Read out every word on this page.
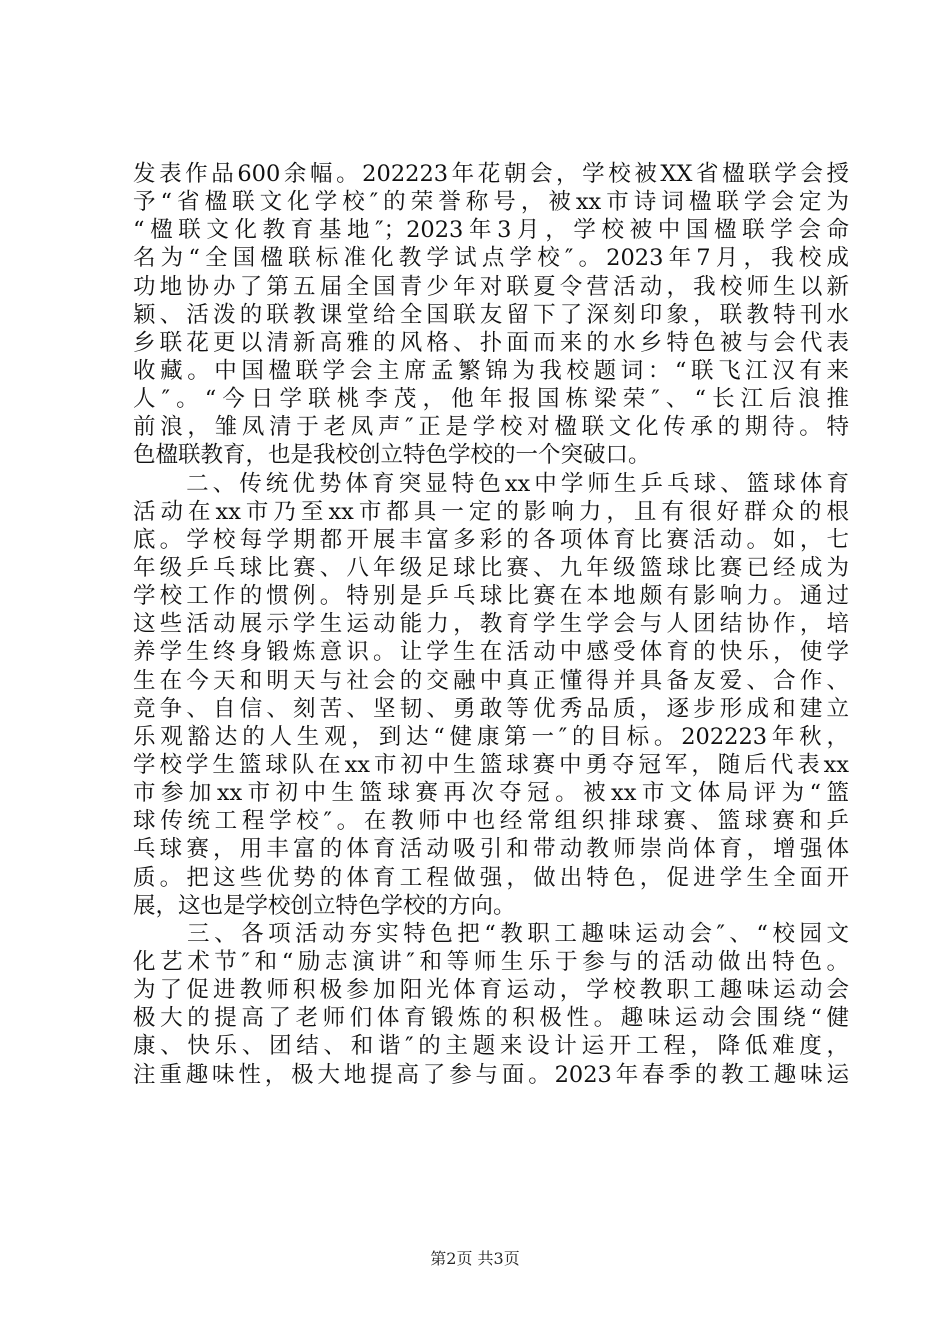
发表作品600余幅。202223年花朝会，学校被XX省楹联学会授
予“省楹联文化学校″的荣誉称号，被xx市诗词楹联学会定为
“楹联文化教育基地″；2023年3月，学校被中国楹联学会命
名为“全国楹联标准化教学试点学校″。2023年7月，我校成
功地协办了第五届全国青少年对联夏令营活动，我校师生以新
颖、活泼的联教课堂给全国联友留下了深刻印象，联教特刊水
乡联花更以清新高雅的风格、扑面而来的水乡特色被与会代表
收藏。中国楹联学会主席孟繁锦为我校题词：“联飞江汉有来
人″。“今日学联桃李茂，他年报国栋梁荣″、“长江后浪推
前浪，雏凤清于老凤声″正是学校对楹联文化传承的期待。特
色楹联教育，也是我校创立特色学校的一个突破口。
　　二、传统优势体育突显特色xx中学师生乒乓球、篮球体育
活动在xx市乃至xx市都具一定的影响力，且有很好群众的根
底。学校每学期都开展丰富多彩的各项体育比赛活动。如，七
年级乒乓球比赛、八年级足球比赛、九年级篮球比赛已经成为
学校工作的惯例。特别是乒乓球比赛在本地颇有影响力。通过
这些活动展示学生运动能力，教育学生学会与人团结协作，培
养学生终身锻炼意识。让学生在活动中感受体育的快乐，使学
生在今天和明天与社会的交融中真正懂得并具备友爱、合作、
竞争、自信、刻苦、坚韧、勇敢等优秀品质，逐步形成和建立
乐观豁达的人生观，到达“健康第一″的目标。202223年秋，
学校学生篮球队在xx市初中生篮球赛中勇夺冠军，随后代表xx
市参加xx市初中生篮球赛再次夺冠。被xx市文体局评为“篮
球传统工程学校″。在教师中也经常组织排球赛、篮球赛和乒
乓球赛，用丰富的体育活动吸引和带动教师崇尚体育，增强体
质。把这些优势的体育工程做强，做出特色，促进学生全面开
展，这也是学校创立特色学校的方向。
　　三、各项活动夯实特色把“教职工趣味运动会″、“校园文
化艺术节″和“励志演讲″和等师生乐于参与的活动做出特色。
为了促进教师积极参加阳光体育运动，学校教职工趣味运动会
极大的提高了老师们体育锻炼的积极性。趣味运动会围绕“健
康、快乐、团结、和谐″的主题来设计运开工程，降低难度，
注重趣味性，极大地提高了参与面。2023年春季的教工趣味运
第2页 共3页
